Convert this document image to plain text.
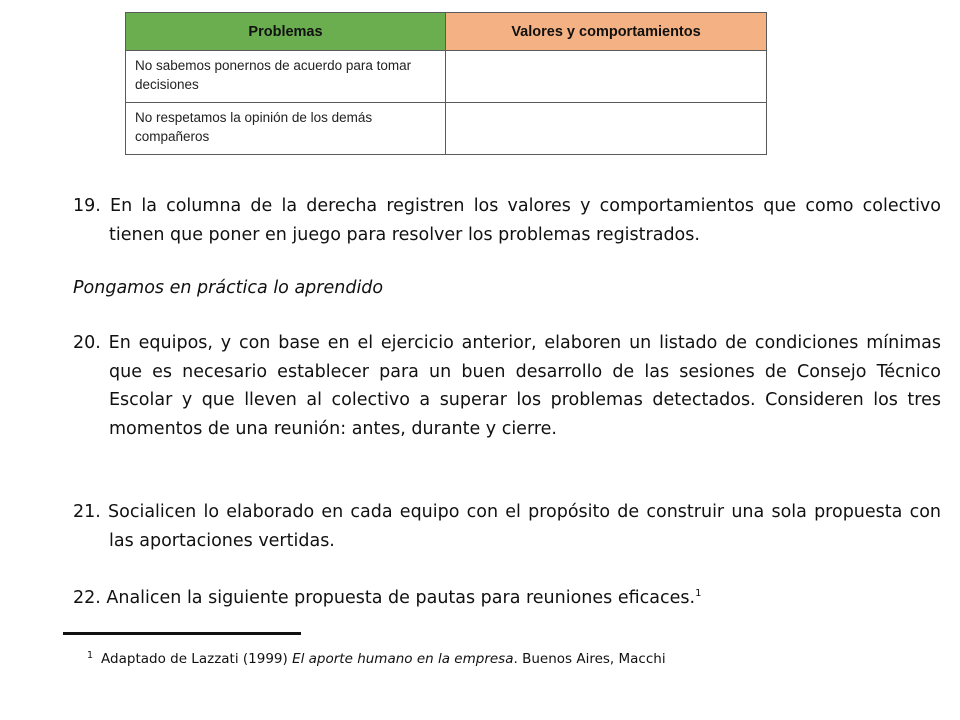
Problemas	Valores y comportamientos
No sabemos ponernos de acuerdo para tomar decisiones	
No respetamos la opinión de los demás compañeros	

19. En la columna de la derecha registren los valores y comportamientos que como colectivo tienen que poner en juego para resolver los problemas registrados.

Pongamos en práctica lo aprendido

20. En equipos, y con base en el ejercicio anterior, elaboren un listado de condiciones mínimas que es necesario establecer para un buen desarrollo de las sesiones de Consejo Técnico Escolar y que lleven al colectivo a superar los problemas detectados. Consideren los tres momentos de una reunión: antes, durante y cierre.

21. Socialicen lo elaborado en cada equipo con el propósito de construir una sola propuesta con las aportaciones vertidas.

22. Analicen la siguiente propuesta de pautas para reuniones eficaces.$^1$

$^1$ Adaptado de Lazzati (1999) El aporte humano en la empresa. Buenos Aires, Macchi
